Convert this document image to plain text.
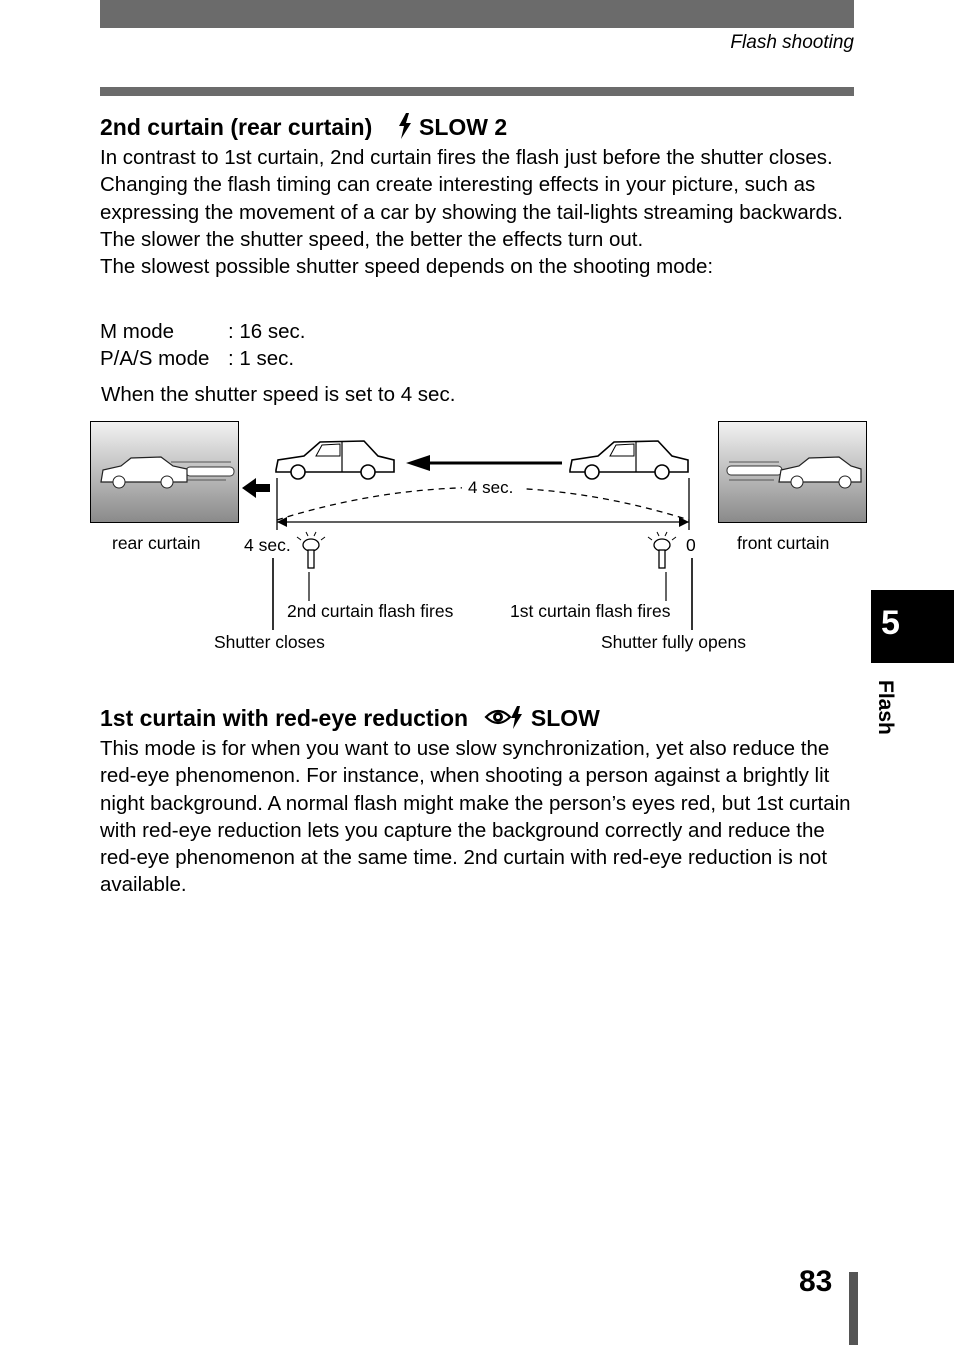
Flash shooting
2nd curtain (rear curtain) SLOW 2

In contrast to 1st curtain, 2nd curtain fires the flash just before the shutter closes. Changing the flash timing can create interesting effects in your picture, such as expressing the movement of a car by showing the tail-lights streaming backwards. The slower the shutter speed, the better the effects turn out.

The slowest possible shutter speed depends on the shooting mode:

M mode	: 16 sec.
P/A/S mode : 1 sec.
When the shutter speed is set to 4 sec.
4 sec.
rear curtain	front curtain
4 sec.	0
2nd curtain flash fires	1st curtain flash fires
Shutter closes	Shutter fully opens
1st curtain with red-eye reduction	SLOW

This mode is for when you want to use slow synchronization, yet also reduce the red-eye phenomenon. For instance, when shooting a person against a brightly lit night background. A normal flash might make the person’s eyes red, but 1st curtain with red-eye reduction lets you capture the background correctly and reduce the red-eye phenomenon at the same time. 2nd curtain with red-eye reduction is not available.

5
Flash
83
